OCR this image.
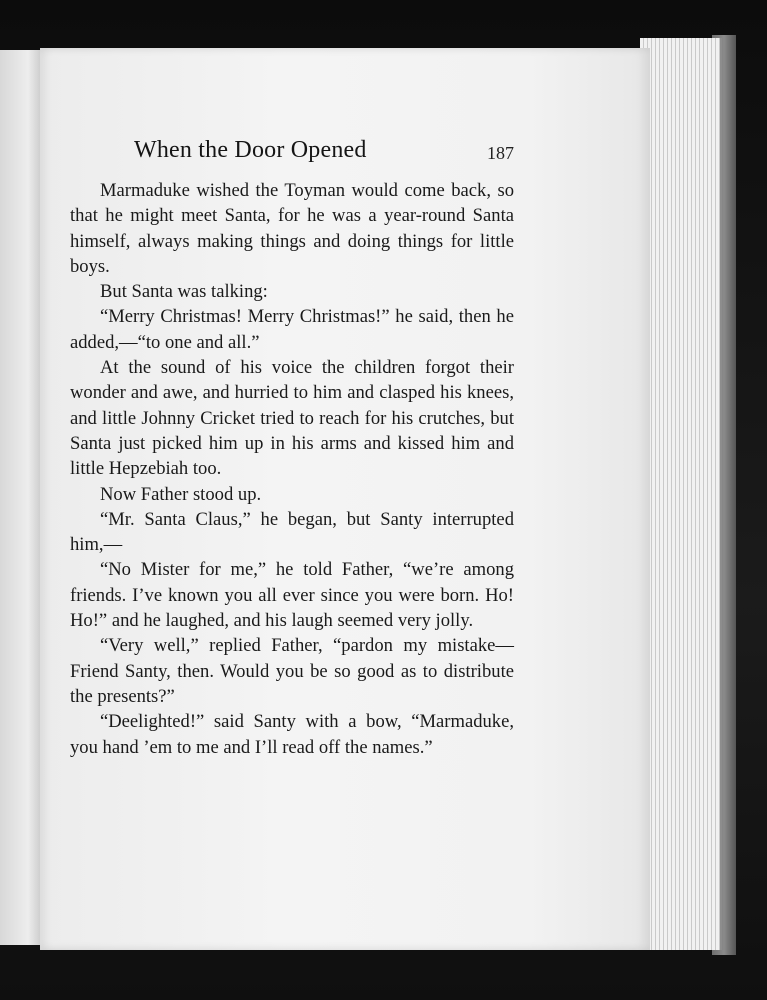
When the Door Opened	187

Marmaduke wished the Toyman would come back, so that he might meet Santa, for he was a year-round Santa himself, always making things and doing things for little boys.

But Santa was talking:

“Merry Christmas! Merry Christmas!” he said, then he added,—“to one and all.”

At the sound of his voice the children forgot their wonder and awe, and hurried to him and clasped his knees, and little Johnny Cricket tried to reach for his crutches, but Santa just picked him up in his arms and kissed him and little Hepzebiah too.

Now Father stood up.

“Mr. Santa Claus,” he began, but Santy interrupted him,—

“No Mister for me,” he told Father, “we’re among friends. I’ve known you all ever since you were born. Ho! Ho!” and he laughed, and his laugh seemed very jolly.

“Very well,” replied Father, “pardon my mistake—Friend Santy, then. Would you be so good as to distribute the presents?”

“Deelighted!” said Santy with a bow, “Marmaduke, you hand ’em to me and I’ll read off the names.”
